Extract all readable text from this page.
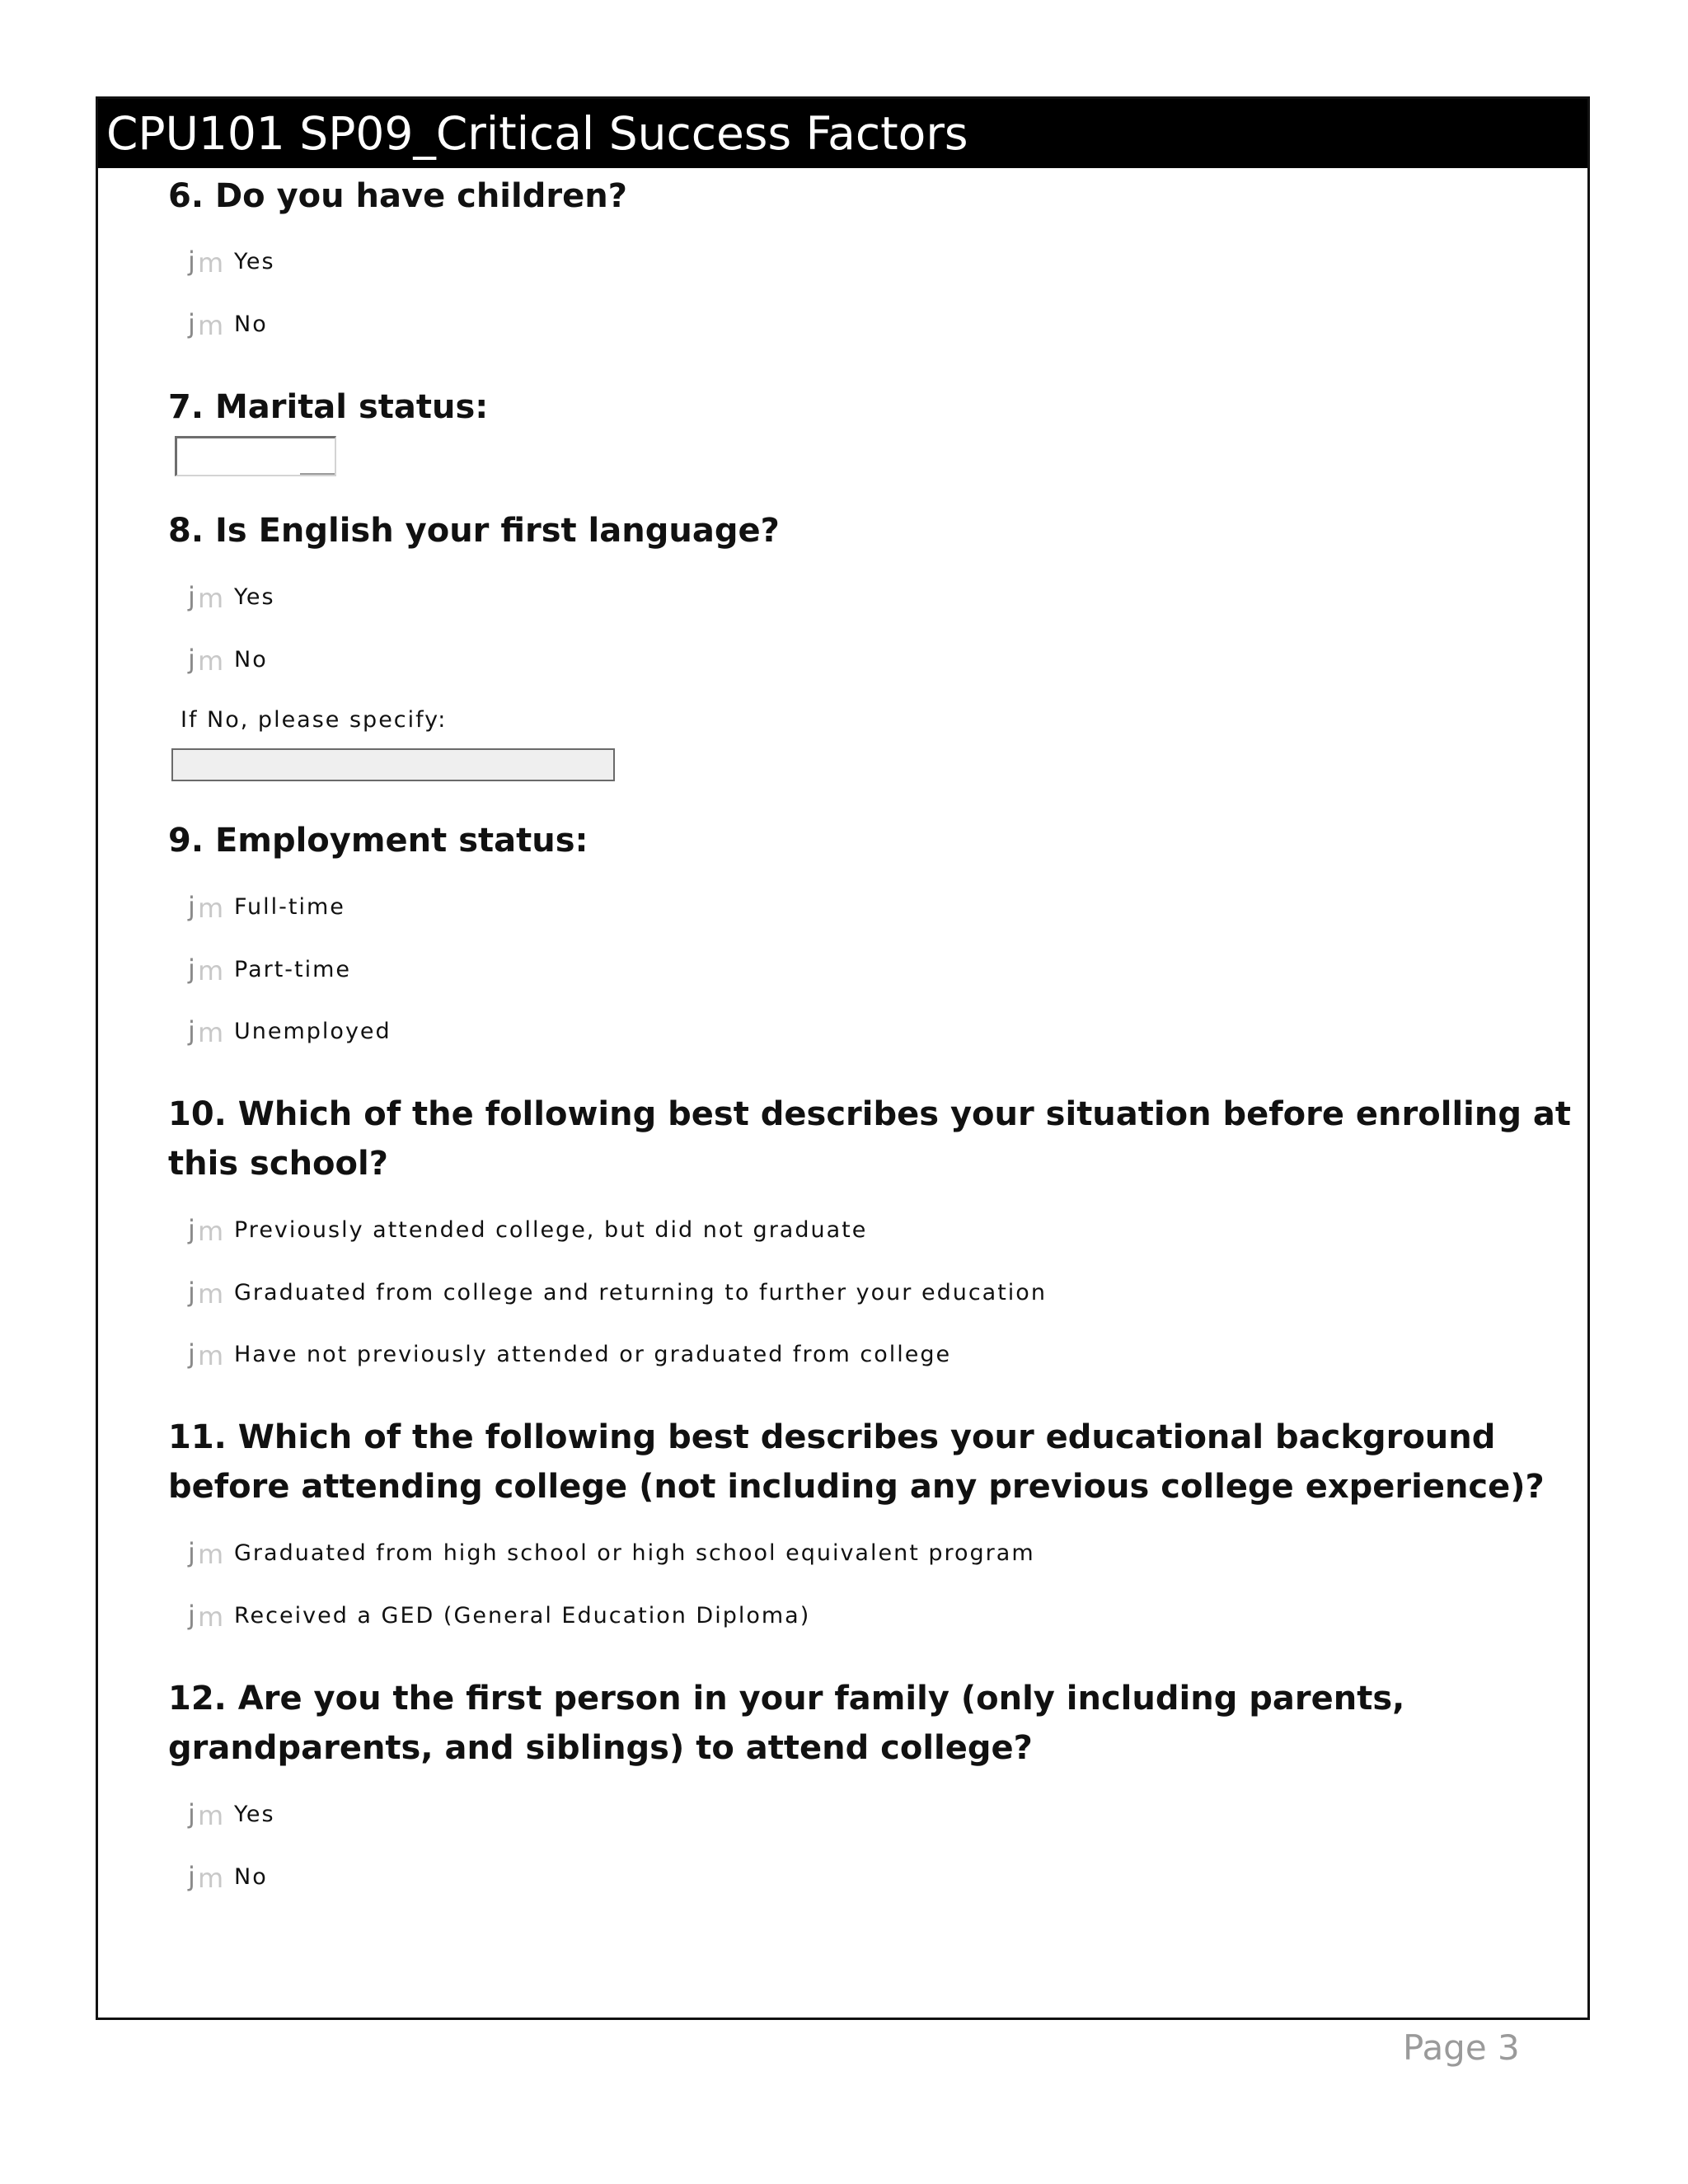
CPU101 SP09_Critical Success Factors
6. Do you have children?
j m Yes
j m No
7. Marital status:
8. Is English your first language?
j m Yes
j m No
If No, please specify:
9. Employment status:
j m Full-time
j m Part-time
j m Unemployed
10. Which of the following best describes your situation before enrolling at
this school?
j m Previously attended college, but did not graduate
j m Graduated from college and returning to further your education
j m Have not previously attended or graduated from college
11. Which of the following best describes your educational background
before attending college (not including any previous college experience)?
j m Graduated from high school or high school equivalent program
j m Received a GED (General Education Diploma)
12. Are you the first person in your family (only including parents,
grandparents, and siblings) to attend college?
j m Yes
j m No
Page 3
